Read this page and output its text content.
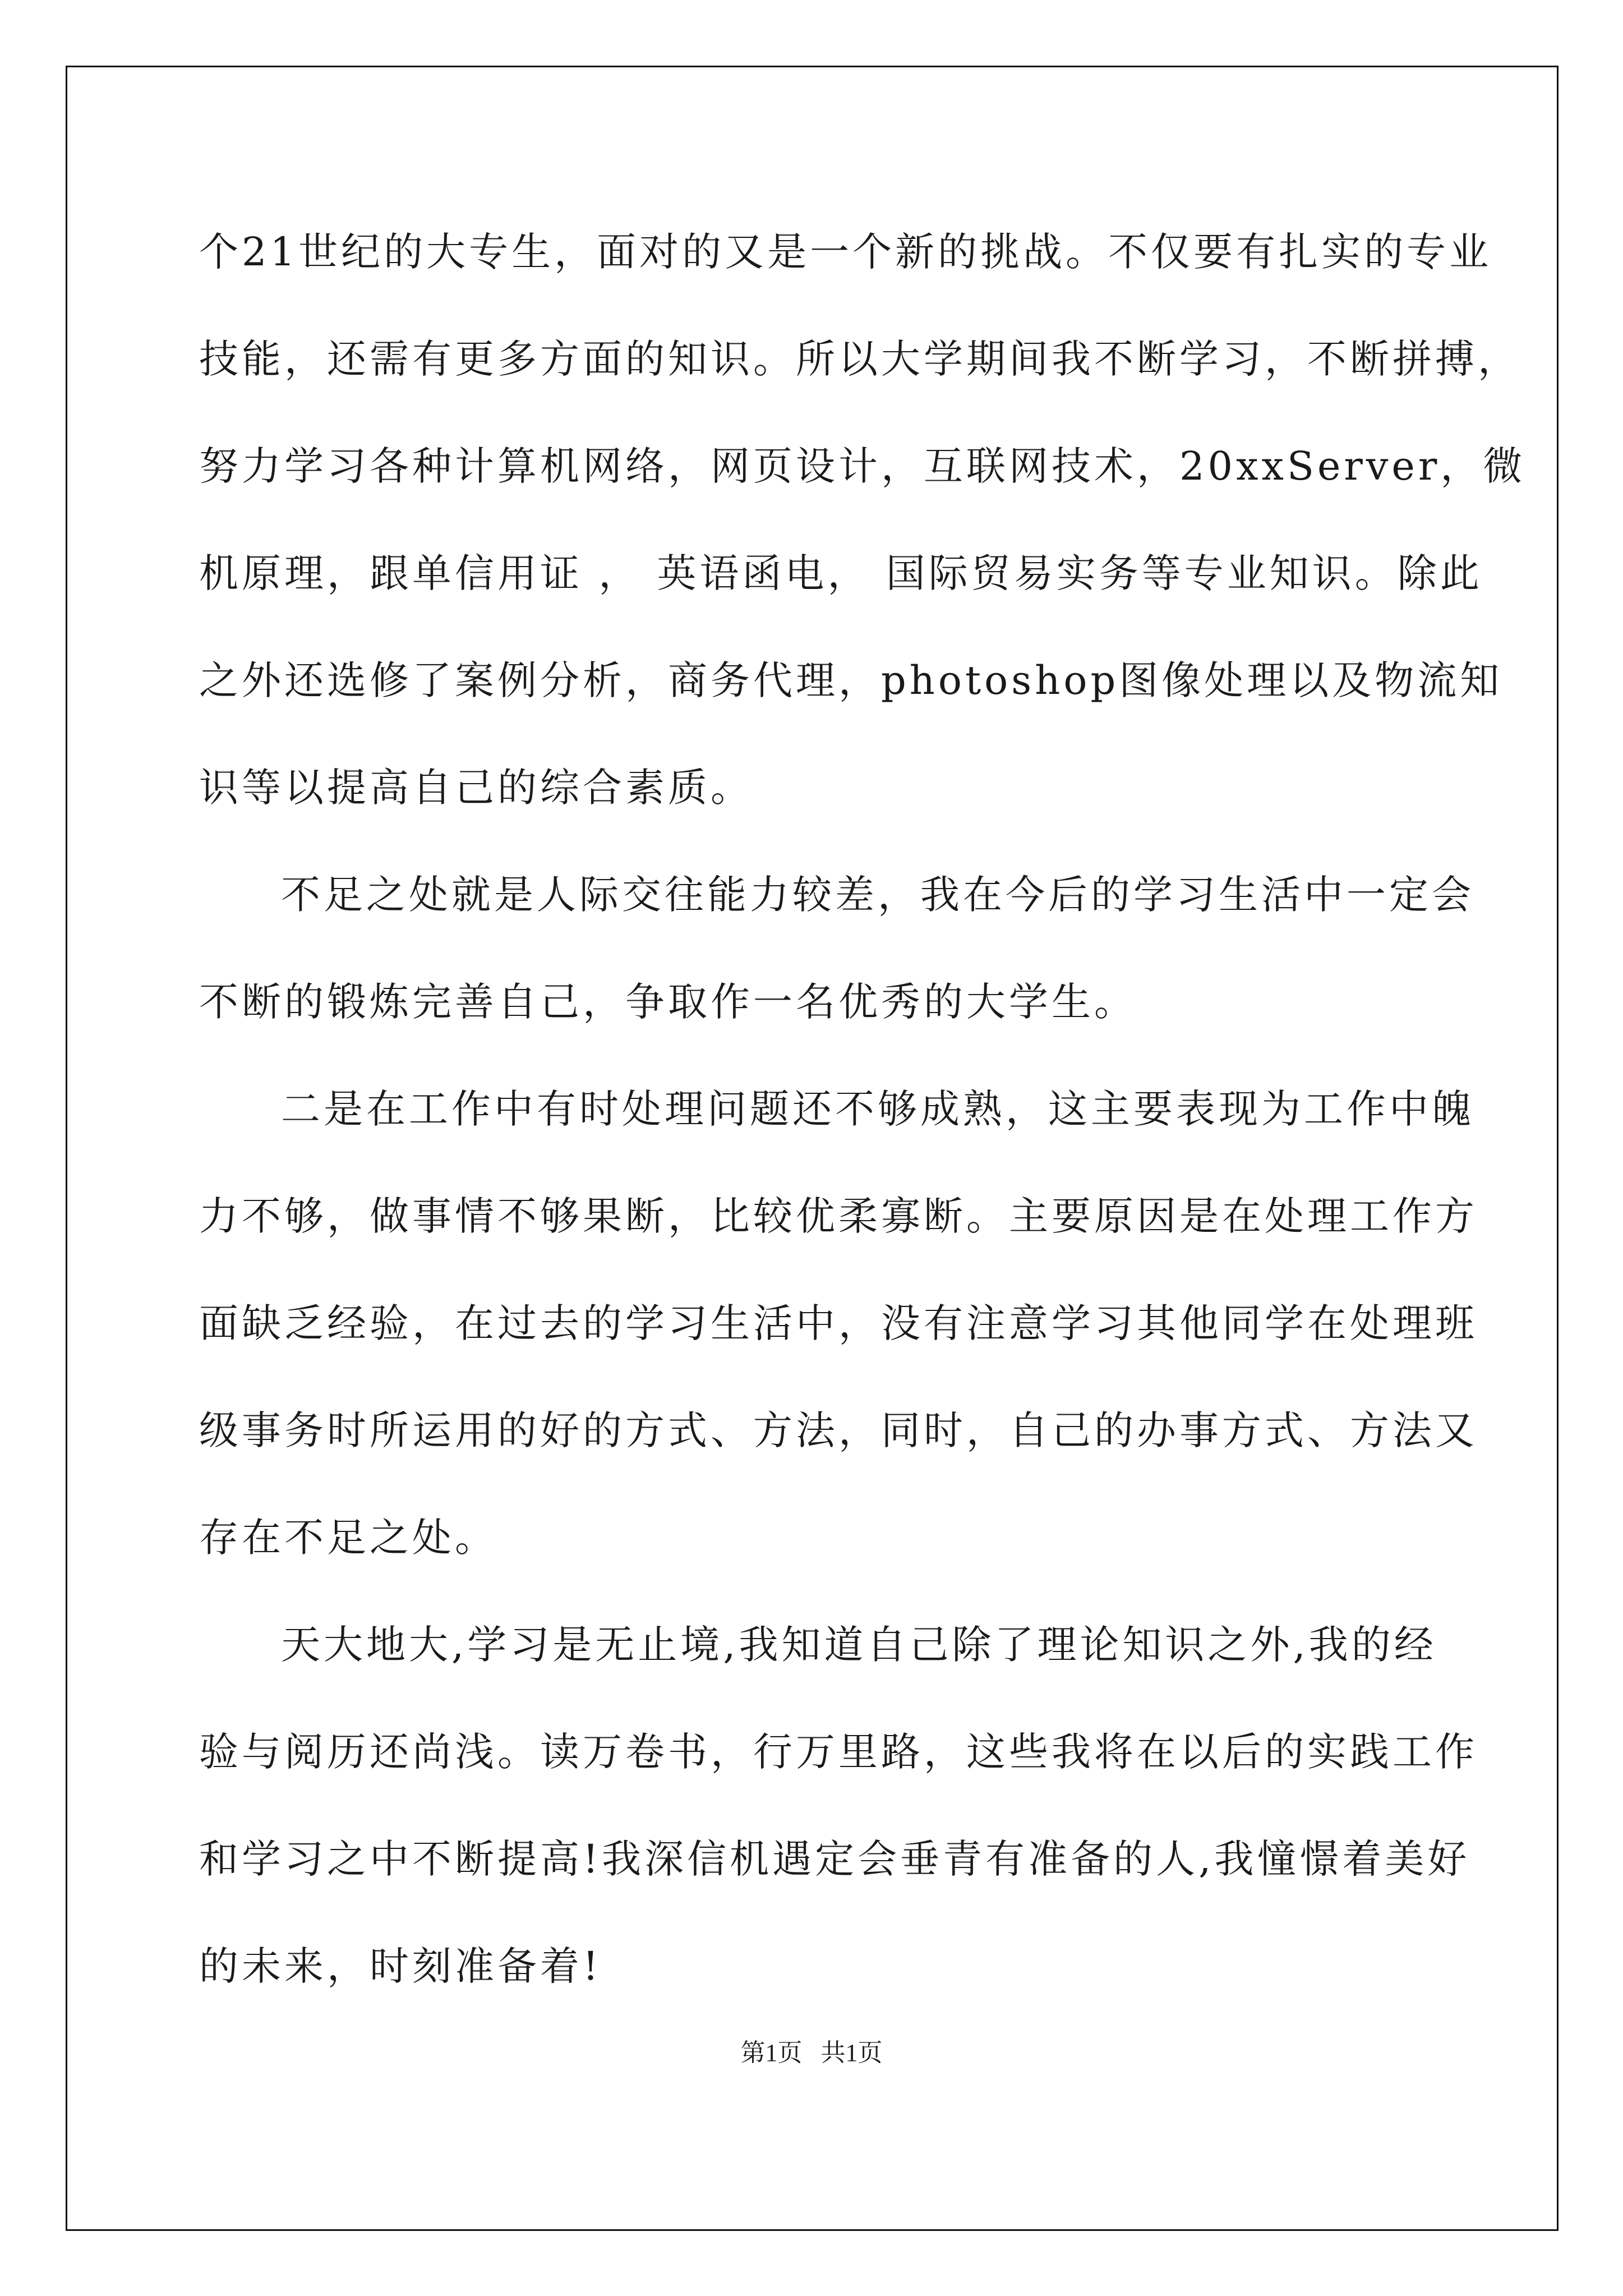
个21世纪的大专生，面对的又是一个新的挑战。不仅要有扎实的专业
技能，还需有更多方面的知识。所以大学期间我不断学习，不断拼搏，
努力学习各种计算机网络，网页设计，互联网技术，20xxServer，微
机原理，跟单信用证 ， 英语函电， 国际贸易实务等专业知识。除此
之外还选修了案例分析，商务代理，photoshop图像处理以及物流知
识等以提高自己的综合素质。
不足之处就是人际交往能力较差，我在今后的学习生活中一定会
不断的锻炼完善自己，争取作一名优秀的大学生。
二是在工作中有时处理问题还不够成熟，这主要表现为工作中魄
力不够，做事情不够果断，比较优柔寡断。主要原因是在处理工作方
面缺乏经验，在过去的学习生活中，没有注意学习其他同学在处理班
级事务时所运用的好的方式、方法，同时，自己的办事方式、方法又
存在不足之处。
天大地大,学习是无止境,我知道自己除了理论知识之外,我的经
验与阅历还尚浅。读万卷书，行万里路，这些我将在以后的实践工作
和学习之中不断提高!我深信机遇定会垂青有准备的人,我憧憬着美好
的未来，时刻准备着!
第1页   共1页
